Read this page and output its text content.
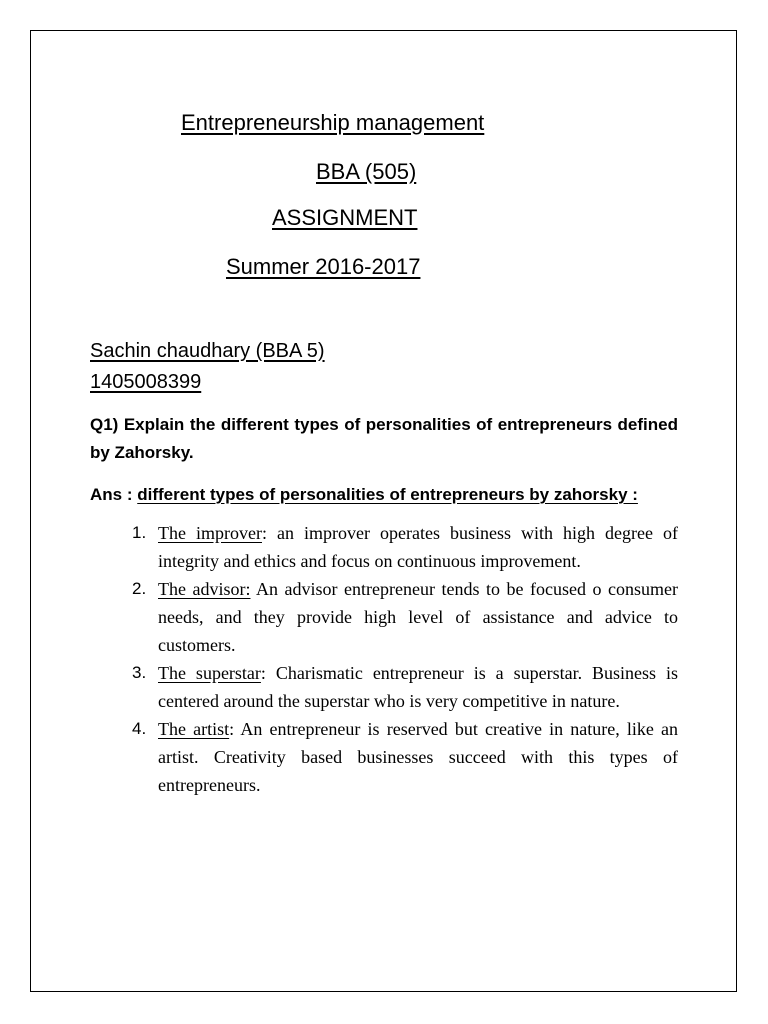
Entrepreneurship management
BBA (505)
ASSIGNMENT
Summer 2016-2017
Sachin chaudhary (BBA 5)
1405008399
Q1) Explain the different types of personalities of entrepreneurs defined by Zahorsky.
Ans : different types of personalities of entrepreneurs by zahorsky :
1. The improver: an improver operates business with high degree of integrity and ethics and focus on continuous improvement.
2. The advisor: An advisor entrepreneur tends to be focused o consumer needs, and they provide high level of assistance and advice to customers.
3. The superstar: Charismatic entrepreneur is a superstar. Business is centered around the superstar who is very competitive in nature.
4. The artist: An entrepreneur is reserved but creative in nature, like an artist. Creativity based businesses succeed with this types of entrepreneurs.
